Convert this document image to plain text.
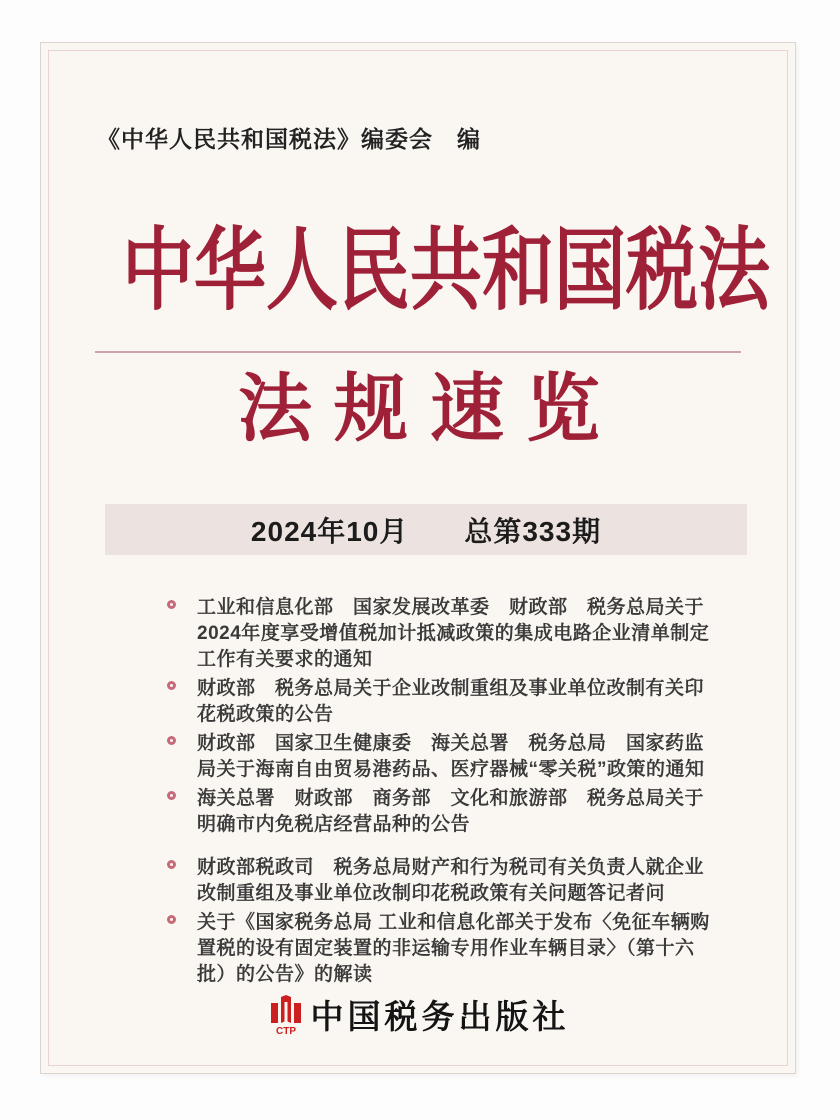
《中华人民共和国税法》编委会　编
中华人民共和国税法
法规速览
2024年10月 总第333期
工业和信息化部　国家发展改革委　财政部　税务总局关于2024年度享受增值税加计抵减政策的集成电路企业清单制定工作有关要求的通知
财政部　税务总局关于企业改制重组及事业单位改制有关印花税政策的公告
财政部　国家卫生健康委　海关总署　税务总局　国家药监局关于海南自由贸易港药品、医疗器械“零关税”政策的通知
海关总署　财政部　商务部　文化和旅游部　税务总局关于明确市内免税店经营品种的公告
财政部税政司　税务总局财产和行为税司有关负责人就企业改制重组及事业单位改制印花税政策有关问题答记者问
关于《国家税务总局 工业和信息化部关于发布〈免征车辆购置税的设有固定装置的非运输专用作业车辆目录〉（第十六批）的公告》的解读
CTP 中国税务出版社
